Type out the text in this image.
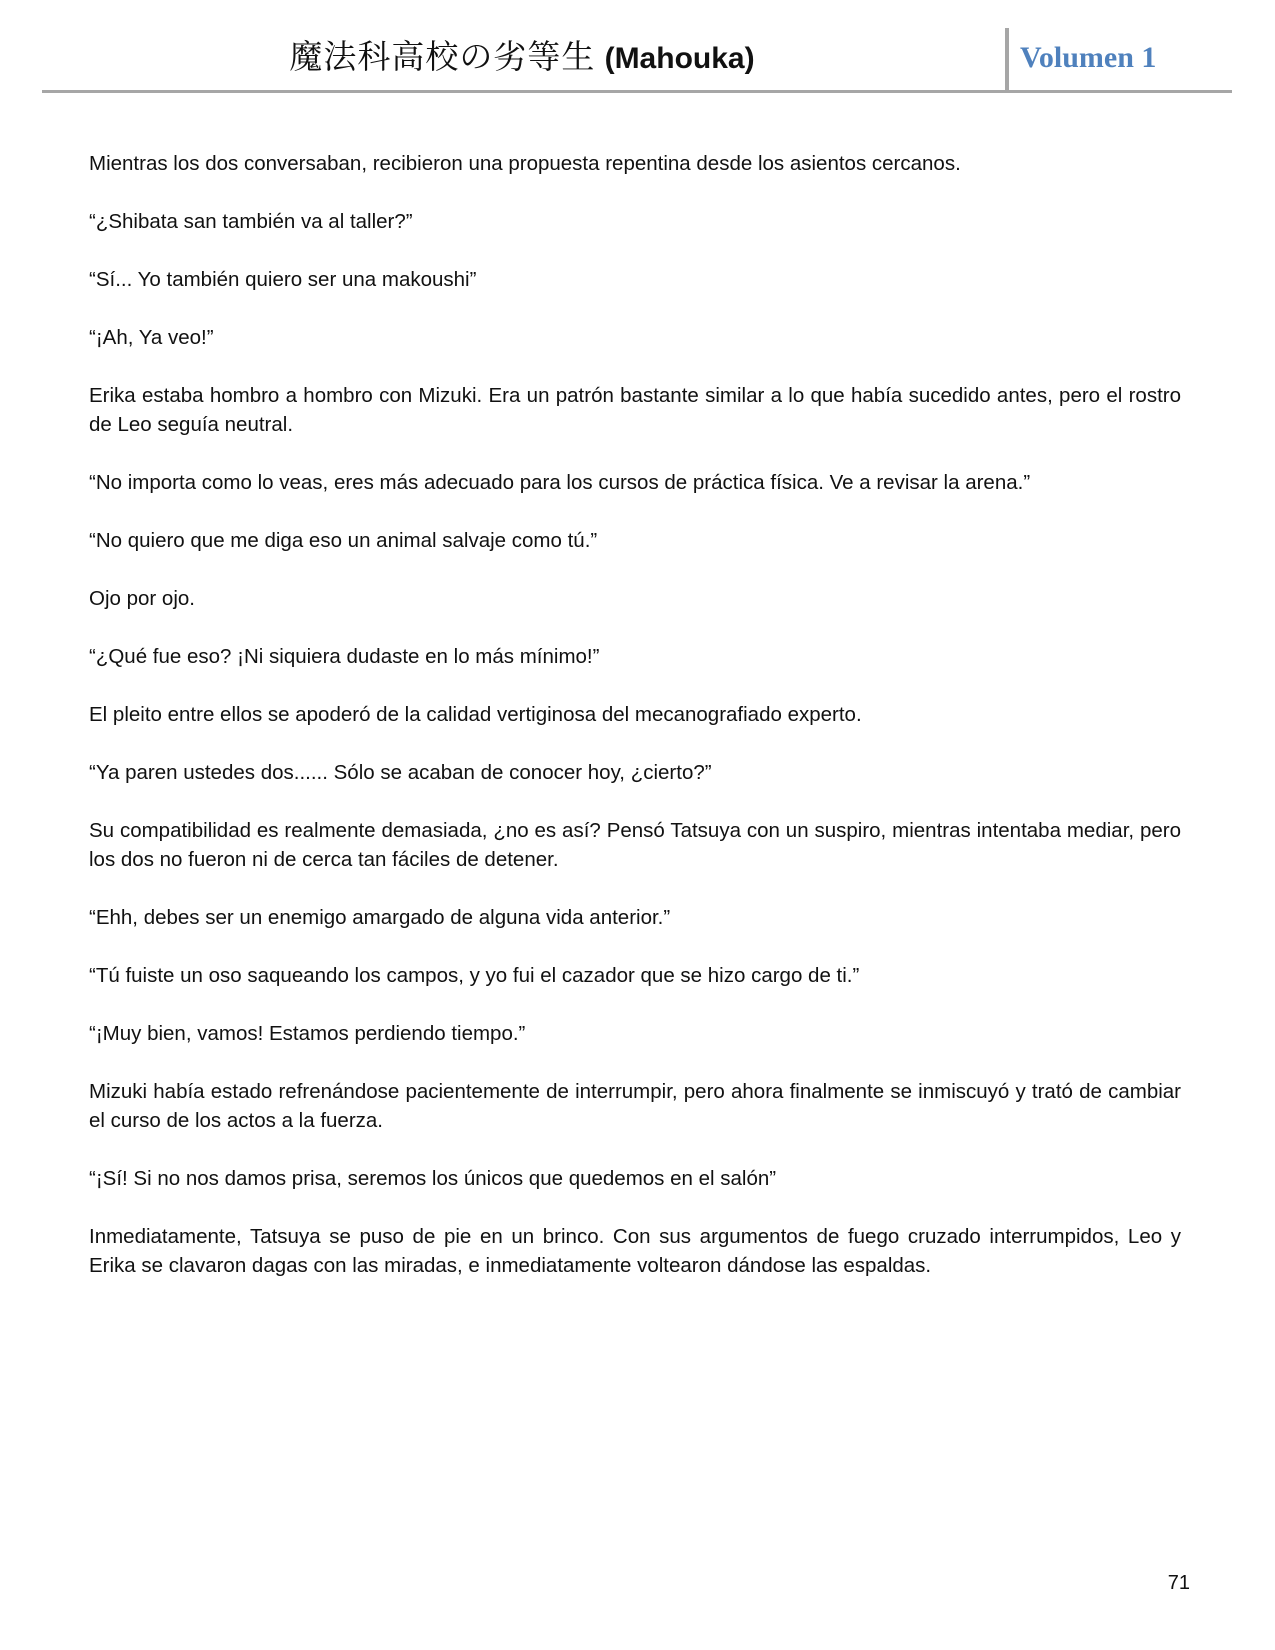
魔法科高校の劣等生 (Mahouka)	Volumen 1

Mientras los dos conversaban, recibieron una propuesta repentina desde los asientos cercanos.

“¿Shibata san también va al taller?”

“Sí... Yo también quiero ser una makoushi”

“¡Ah, Ya veo!”

Erika estaba hombro a hombro con Mizuki. Era un patrón bastante similar a lo que había sucedido antes, pero el rostro de Leo seguía neutral.

“No importa como lo veas, eres más adecuado para los cursos de práctica física. Ve a revisar la arena.”

“No quiero que me diga eso un animal salvaje como tú.”

Ojo por ojo.

“¿Qué fue eso? ¡Ni siquiera dudaste en lo más mínimo!”

El pleito entre ellos se apoderó de la calidad vertiginosa del mecanografiado experto.

“Ya paren ustedes dos...... Sólo se acaban de conocer hoy, ¿cierto?”

Su compatibilidad es realmente demasiada, ¿no es así? Pensó Tatsuya con un suspiro, mientras intentaba mediar, pero los dos no fueron ni de cerca tan fáciles de detener.

“Ehh, debes ser un enemigo amargado de alguna vida anterior.”

“Tú fuiste un oso saqueando los campos, y yo fui el cazador que se hizo cargo de ti.”

“¡Muy bien, vamos! Estamos perdiendo tiempo.”

Mizuki había estado refrenándose pacientemente de interrumpir, pero ahora finalmente se inmiscuyó y trató de cambiar el curso de los actos a la fuerza.

“¡Sí! Si no nos damos prisa, seremos los únicos que quedemos en el salón”

Inmediatamente, Tatsuya se puso de pie en un brinco. Con sus argumentos de fuego cruzado interrumpidos, Leo y Erika se clavaron dagas con las miradas, e inmediatamente voltearon dándose las espaldas.

71
